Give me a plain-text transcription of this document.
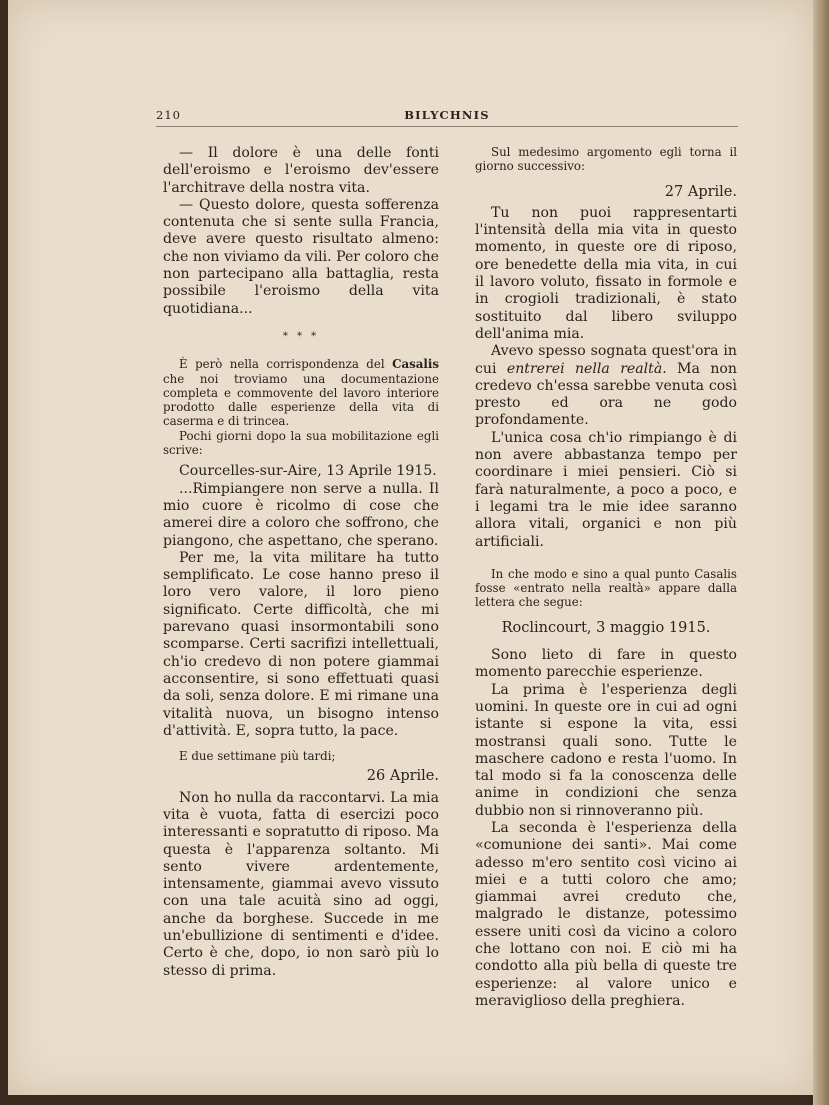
210	BILYCHNIS

— Il dolore è una delle fonti dell'eroismo e l'eroismo dev'essere l'architrave della nostra vita.

— Questo dolore, questa sofferenza contenuta che si sente sulla Francia, deve avere questo risultato almeno: che non viviamo da vili. Per coloro che non partecipano alla battaglia, resta possibile l'eroismo della vita quotidiana...

* * *

È però nella corrispondenza del Casalis che noi troviamo una documentazione completa e commovente del lavoro interiore prodotto dalle esperienze della vita di caserma e di trincea.

Pochi giorni dopo la sua mobilitazione egli scrive:

Courcelles-sur-Aire, 13 Aprile 1915.

...Rimpiangere non serve a nulla. Il mio cuore è ricolmo di cose che amerei dire a coloro che soffrono, che piangono, che aspettano, che sperano.

Per me, la vita militare ha tutto semplificato. Le cose hanno preso il loro vero valore, il loro pieno significato. Certe difficoltà, che mi parevano quasi insormontabili sono scomparse. Certi sacrifizi intellettuali, ch'io credevo di non potere giammai acconsentire, si sono effettuati quasi da soli, senza dolore. E mi rimane una vitalità nuova, un bisogno intenso d'attività. E, sopra tutto, la pace.

E due settimane più tardi;

26 Aprile.

Non ho nulla da raccontarvi. La mia vita è vuota, fatta di esercizi poco interessanti e sopratutto di riposo. Ma questa è l'apparenza soltanto. Mi sento vivere ardentemente, intensamente, giammai avevo vissuto con una tale acuità sino ad oggi, anche da borghese. Succede in me un'ebullizione di sentimenti e d'idee. Certo è che, dopo, io non sarò più lo stesso di prima.

Sul medesimo argomento egli torna il giorno successivo:

27 Aprile.

Tu non puoi rappresentarti l'intensità della mia vita in questo momento, in queste ore di riposo, ore benedette della mia vita, in cui il lavoro voluto, fissato in formole e in crogioli tradizionali, è stato sostituito dal libero sviluppo dell'anima mia.

Avevo spesso sognata quest'ora in cui entrerei nella realtà. Ma non credevo ch'essa sarebbe venuta così presto ed ora ne godo profondamente.

L'unica cosa ch'io rimpiango è di non avere abbastanza tempo per coordinare i miei pensieri. Ciò si farà naturalmente, a poco a poco, e i legami tra le mie idee saranno allora vitali, organici e non più artificiali.

In che modo e sino a qual punto Casalis fosse «entrato nella realtà» appare dalla lettera che segue:

Roclincourt, 3 maggio 1915.

Sono lieto di fare in questo momento parecchie esperienze.

La prima è l'esperienza degli uomini. In queste ore in cui ad ogni istante si espone la vita, essi mostransi quali sono. Tutte le maschere cadono e resta l'uomo. In tal modo si fa la conoscenza delle anime in condizioni che senza dubbio non si rinnoveranno più.

La seconda è l'esperienza della «comunione dei santi». Mai come adesso m'ero sentito così vicino ai miei e a tutti coloro che amo; giammai avrei creduto che, malgrado le distanze, potessimo essere uniti così da vicino a coloro che lottano con noi. E ciò mi ha condotto alla più bella di queste tre esperienze: al valore unico e meraviglioso della preghiera.
